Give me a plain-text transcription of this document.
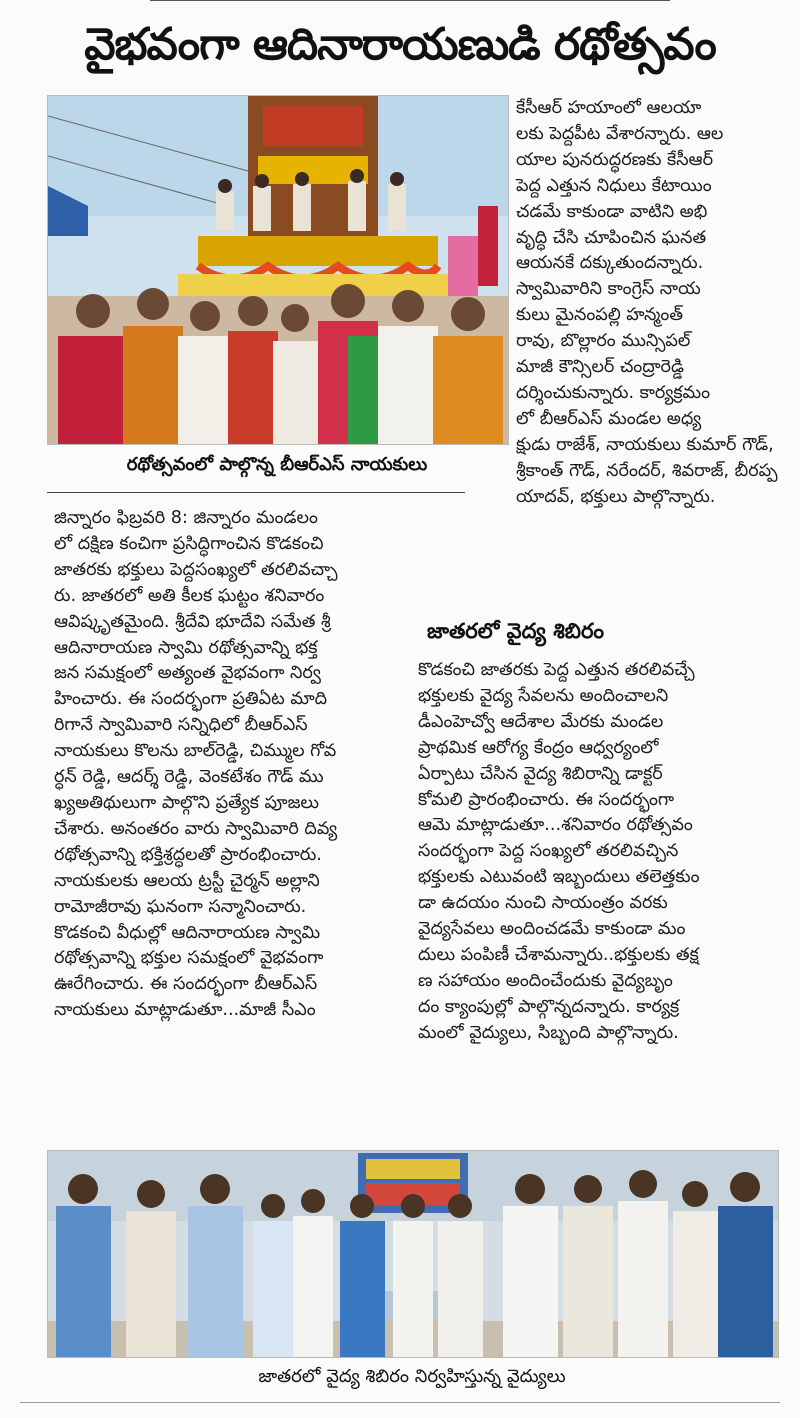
వైభవంగా ఆదినారాయణుడి రథోత్సవం
రథోత్సవంలో పాల్గొన్న బీఆర్ఎస్ నాయకులు
కేసీఆర్ హయాంలో ఆలయా
లకు పెద్దపీట వేశారన్నారు. ఆల
యాల పునరుద్ధరణకు కేసీఆర్
పెద్ద ఎత్తున నిధులు కేటాయిం
చడమే కాకుండా వాటిని అభి
వృద్ధి చేసి చూపించిన ఘనత
ఆయనకే దక్కుతుందన్నారు.
స్వామివారిని కాంగ్రెస్ నాయ
కులు మైనంపల్లి హన్మంత్
రావు, బొల్లారం మున్సిపల్
మాజీ కౌన్సిలర్ చంద్రారెడ్డి
దర్శించుకున్నారు. కార్యక్రమం
లో బీఆర్ఎస్ మండల అధ్య
క్షుడు రాజేశ్, నాయకులు కుమార్ గౌడ్,
శ్రీకాంత్ గౌడ్, నరేందర్, శివరాజ్, బీరప్ప
యాదవ్, భక్తులు పాల్గొన్నారు.
జిన్నారం ఫిబ్రవరి 8: జిన్నారం మండలం
లో దక్షిణ కంచిగా ప్రసిద్ధిగాంచిన కొడకంచి
జాతరకు భక్తులు పెద్దసంఖ్యలో తరలివచ్చా
రు. జాతరలో అతి కీలక ఘట్టం శనివారం
ఆవిష్కృతమైంది. శ్రీదేవి భూదేవి సమేత శ్రీ
ఆదినారాయణ స్వామి రథోత్సవాన్ని భక్త
జన సమక్షంలో అత్యంత వైభవంగా నిర్వ
హించారు. ఈ సందర్భంగా ప్రతిఏట మాది
రిగానే స్వామివారి సన్నిధిలో బీఆర్ఎస్
నాయకులు కొలను బాల్‌రెడ్డి, చిమ్ముల గోవ
ర్ధన్ రెడ్డి, ఆదర్శ్ రెడ్డి, వెంకటేశం గౌడ్ ము
ఖ్యఅతిథులుగా పాల్గొని ప్రత్యేక పూజలు
చేశారు. అనంతరం వారు స్వామివారి దివ్య
రథోత్సవాన్ని భక్తిశ్రద్ధలతో ప్రారంభించారు.
నాయకులకు ఆలయ ట్రస్టీ చైర్మన్ అల్లాని
రామోజీరావు ఘనంగా సన్మానించారు.
కొడకంచి వీధుల్లో ఆదినారాయణ స్వామి
రథోత్సవాన్ని భక్తుల సమక్షంలో వైభవంగా
ఊరేగించారు. ఈ సందర్భంగా బీఆర్ఎస్
నాయకులు మాట్లాడుతూ...మాజీ సీఎం
జాతరలో వైద్య శిబిరం
కొడకంచి జాతరకు పెద్ద ఎత్తున తరలివచ్చే
భక్తులకు వైద్య సేవలను అందించాలని
డీఎంహెచ్వో ఆదేశాల మేరకు మండల
ప్రాథమిక ఆరోగ్య కేంద్రం ఆధ్వర్యంలో
ఏర్పాటు చేసిన వైద్య శిబిరాన్ని డాక్టర్
కోమలి ప్రారంభించారు. ఈ సందర్భంగా
ఆమె మాట్లాడుతూ...శనివారం రథోత్సవం
సందర్భంగా పెద్ద సంఖ్యలో తరలివచ్చిన
భక్తులకు ఎటువంటి ఇబ్బందులు తలెత్తకుం
డా ఉదయం నుంచి సాయంత్రం వరకు
వైద్యసేవలు అందించడమే కాకుండా మం
దులు పంపిణీ చేశామన్నారు..భక్తులకు తక్ష
ణ సహాయం అందించేందుకు వైద్యబృం
దం క్యాంపుల్లో పాల్గొన్నదన్నారు. కార్యక్ర
మంలో వైద్యులు, సిబ్బంది పాల్గొన్నారు.
జాతరలో వైద్య శిబిరం నిర్వహిస్తున్న వైద్యులు
